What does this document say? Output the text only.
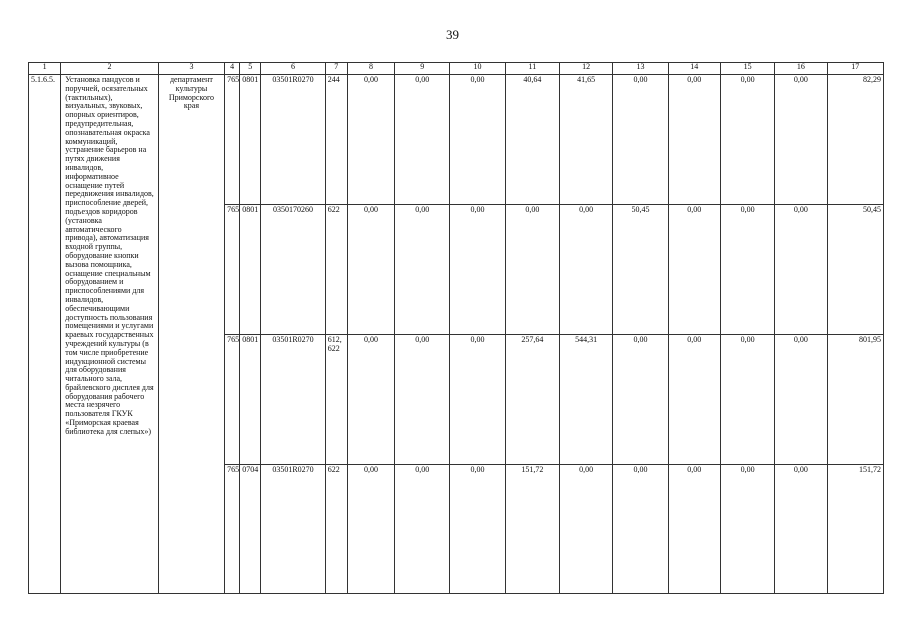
39
1	2	3	4	5	6	7	8	9	10	11	12	13	14	15	16	17
5.1.6.5.	Установка пандусов и поручней, осязательных (тактильных), визуальных, звуковых, опорных ориентиров, предупредительная, опознавательная окраска коммуникаций, устранение барьеров на путях движения инвалидов, информативное оснащение путей передвижения инвалидов, приспособление дверей, подъездов коридоров (установка автоматического привода), автоматизация входной группы, оборудование кнопки вызова помощника, оснащение специальным оборудованием и приспособлениями для инвалидов, обеспечивающими доступность пользования помещениями и услугами краевых государственных учреждений культуры (в том числе приобретение индукционной системы для оборудования читального зала, брайлевского дисплея для оборудования рабочего места незрячего пользователя ГКУК «Приморская краевая библиотека для слепых»)	департамент культуры Приморского края	765	0801	03501R0270	244	0,00	0,00	0,00	40,64	41,65	0,00	0,00	0,00	0,00	82,29
			765	0801	0350170260	622	0,00	0,00	0,00	0,00	0,00	50,45	0,00	0,00	0,00	50,45
			765	0801	03501R0270	612, 622	0,00	0,00	0,00	257,64	544,31	0,00	0,00	0,00	0,00	801,95
			765	0704	03501R0270	622	0,00	0,00	0,00	151,72	0,00	0,00	0,00	0,00	0,00	151,72
